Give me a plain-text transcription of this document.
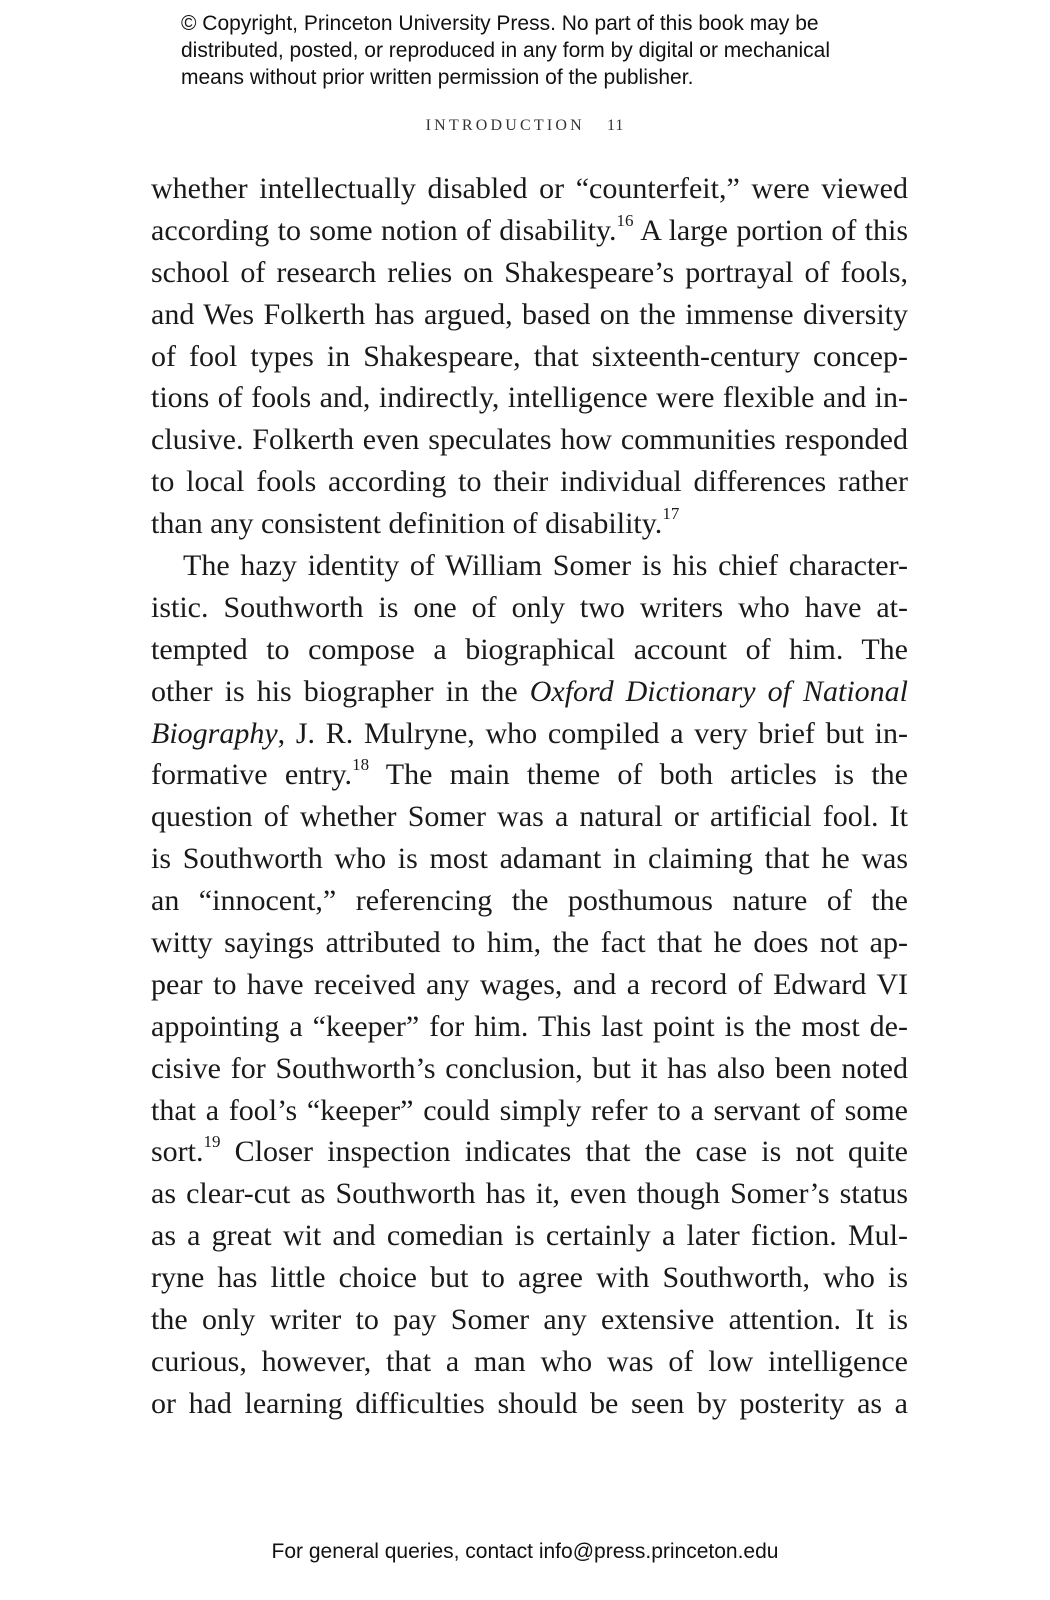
© Copyright, Princeton University Press. No part of this book may be
distributed, posted, or reproduced in any form by digital or mechanical
means without prior written permission of the publisher.
INTRODUCTION 11
whether intellectually disabled or “counterfeit,” were viewed
according to some notion of disability.$^{16}$ A large portion of this
school of research relies on Shakespeare’s portrayal of fools,
and Wes Folkerth has argued, based on the immense diversity
of fool types in Shakespeare, that sixteenth-century concep-
tions of fools and, indirectly, intelligence were flexible and in-
clusive. Folkerth even speculates how communities responded
to local fools according to their individual differences rather
than any consistent definition of disability.$^{17}$
The hazy identity of William Somer is his chief character-
istic. Southworth is one of only two writers who have at-
tempted to compose a biographical account of him. The
other is his biographer in the Oxford Dictionary of National
Biography, J. R. Mulryne, who compiled a very brief but in-
formative entry.$^{18}$ The main theme of both articles is the
question of whether Somer was a natural or artificial fool. It
is Southworth who is most adamant in claiming that he was
an “innocent,” referencing the posthumous nature of the
witty sayings attributed to him, the fact that he does not ap-
pear to have received any wages, and a record of Edward VI
appointing a “keeper” for him. This last point is the most de-
cisive for Southworth’s conclusion, but it has also been noted
that a fool’s “keeper” could simply refer to a servant of some
sort.$^{19}$ Closer inspection indicates that the case is not quite
as clear-cut as Southworth has it, even though Somer’s status
as a great wit and comedian is certainly a later fiction. Mul-
ryne has little choice but to agree with Southworth, who is
the only writer to pay Somer any extensive attention. It is
curious, however, that a man who was of low intelligence
or had learning difficulties should be seen by posterity as a
For general queries, contact info@press.princeton.edu
